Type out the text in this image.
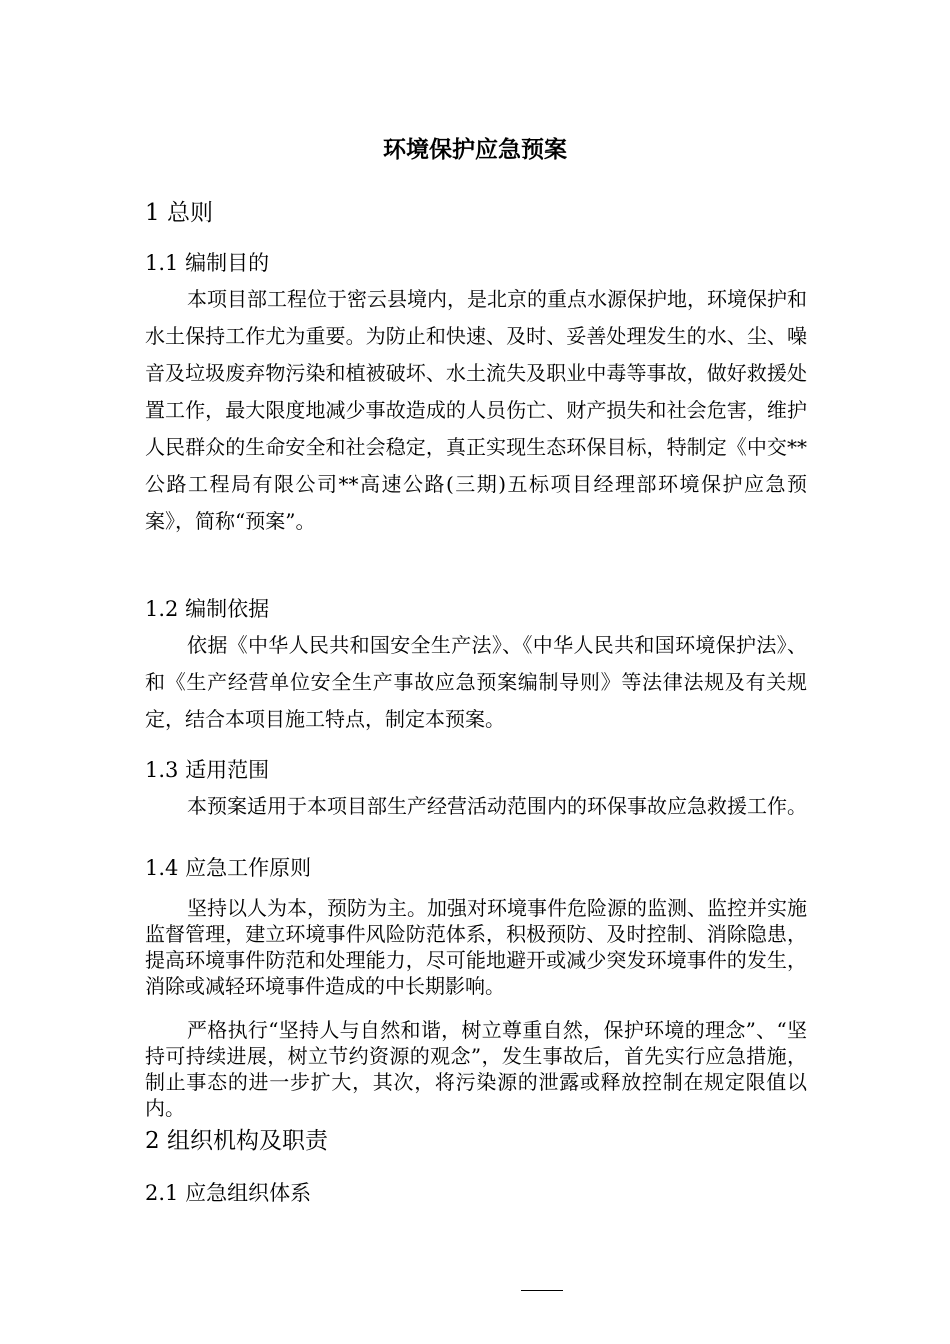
环境保护应急预案
1 总则
1.1 编制目的
本项目部工程位于密云县境内，是北京的重点水源保护地，环境保护和水土保持工作尤为重要。为防止和快速、及时、妥善处理发生的水、尘、噪音及垃圾废弃物污染和植被破坏、水土流失及职业中毒等事故，做好救援处置工作，最大限度地减少事故造成的人员伤亡、财产损失和社会危害，维护人民群众的生命安全和社会稳定，真正实现生态环保目标，特制定《中交**公路工程局有限公司**高速公路(三期)五标项目经理部环境保护应急预案》，简称“预案”。
1.2 编制依据
依据《中华人民共和国安全生产法》、《中华人民共和国环境保护法》、和《生产经营单位安全生产事故应急预案编制导则》等法律法规及有关规定，结合本项目施工特点，制定本预案。
1.3 适用范围
本预案适用于本项目部生产经营活动范围内的环保事故应急救援工作。
1.4 应急工作原则
坚持以人为本，预防为主。加强对环境事件危险源的监测、监控并实施监督管理，建立环境事件风险防范体系，积极预防、及时控制、消除隐患，提高环境事件防范和处理能力，尽可能地避开或减少突发环境事件的发生，消除或减轻环境事件造成的中长期影响。
严格执行“坚持人与自然和谐，树立尊重自然，保护环境的理念”、“坚持可持续进展，树立节约资源的观念”，发生事故后，首先实行应急措施，制止事态的进一步扩大，其次，将污染源的泄露或释放控制在规定限值以内。
2 组织机构及职责
2.1 应急组织体系
